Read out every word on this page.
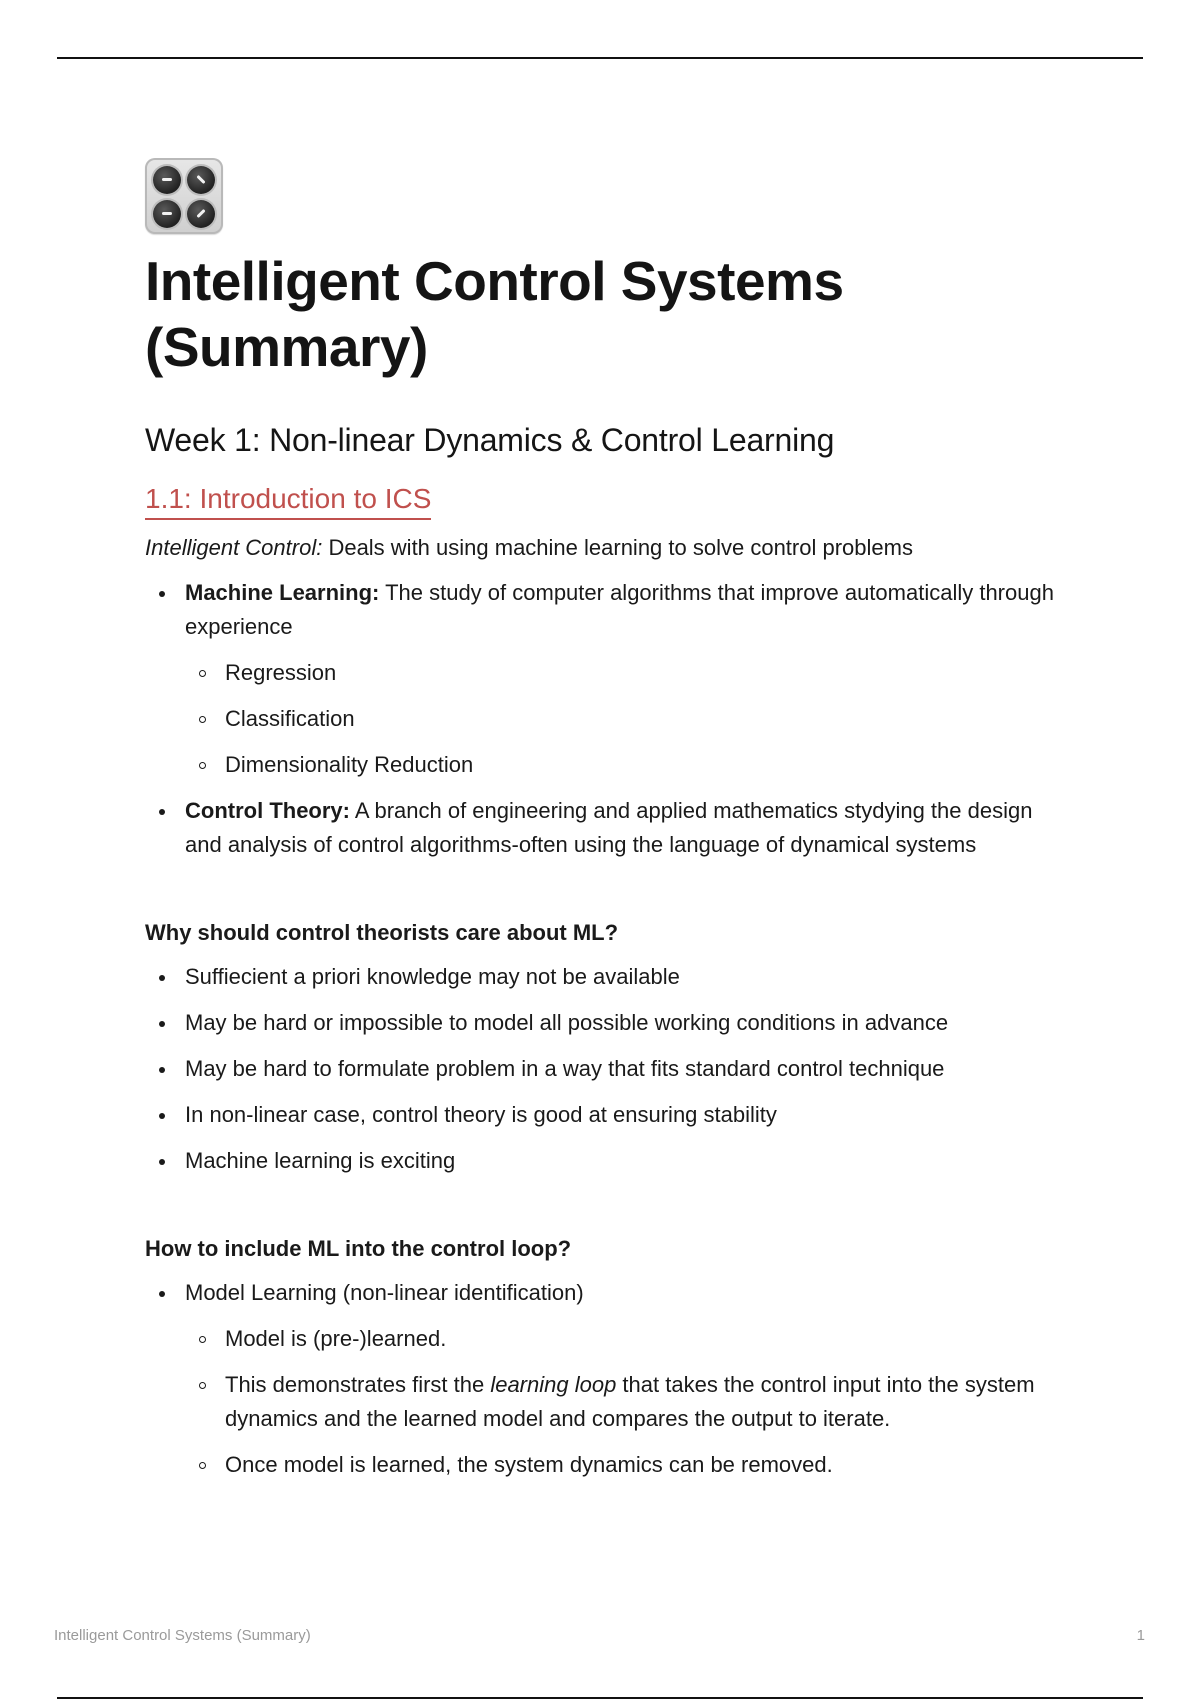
Intelligent Control Systems
(Summary)
Week 1: Non-linear Dynamics & Control Learning
1.1: Introduction to ICS

Intelligent Control: Deals with using machine learning to solve control problems

Machine Learning: The study of computer algorithms that improve automatically through experience
Regression
Classification
Dimensionality Reduction
Control Theory: A branch of engineering and applied mathematics stydying the design and analysis of control algorithms-often using the language of dynamical systems
Why should control theorists care about ML?
Suffiecient a priori knowledge may not be available
May be hard or impossible to model all possible working conditions in advance
May be hard to formulate problem in a way that fits standard control technique
In non-linear case, control theory is good at ensuring stability
Machine learning is exciting
How to include ML into the control loop?
Model Learning (non-linear identification)
Model is (pre-)learned.
This demonstrates first the learning loop that takes the control input into the system dynamics and the learned model and compares the output to iterate.
Once model is learned, the system dynamics can be removed.
Intelligent Control Systems (Summary)	1
